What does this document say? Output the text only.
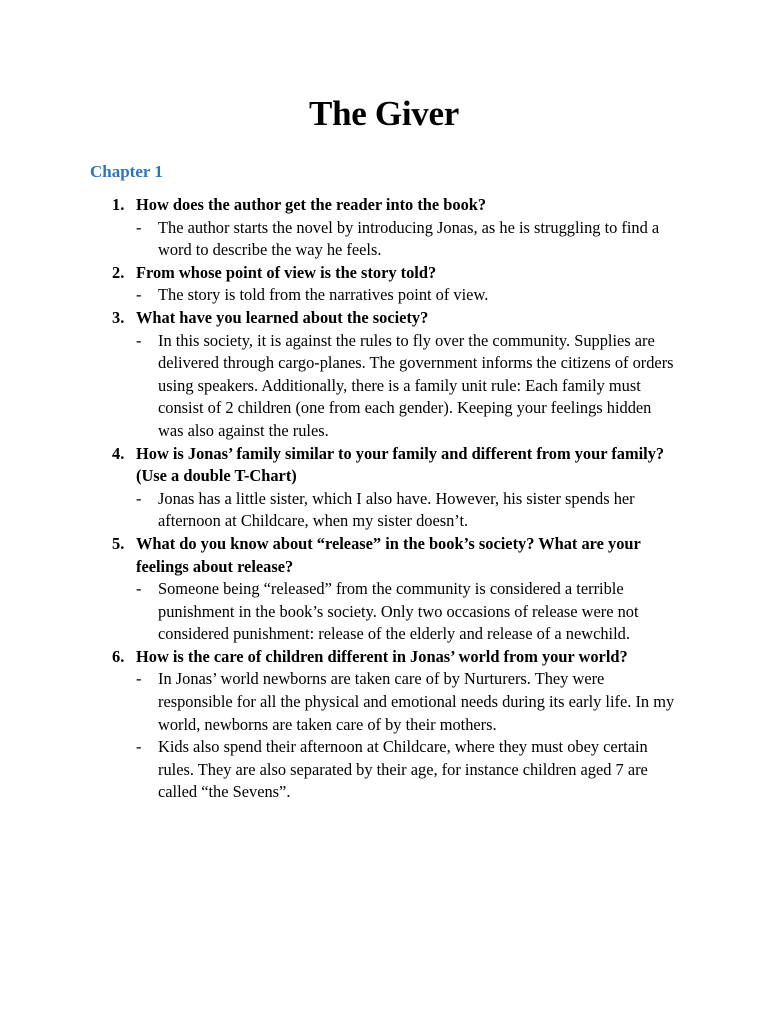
The Giver
Chapter 1
1. How does the author get the reader into the book?
-	The author starts the novel by introducing Jonas, as he is struggling to find a word to describe the way he feels.
2. From whose point of view is the story told?
-	The story is told from the narratives point of view.
3. What have you learned about the society?
-	In this society, it is against the rules to fly over the community. Supplies are delivered through cargo-planes. The government informs the citizens of orders using speakers. Additionally, there is a family unit rule: Each family must consist of 2 children (one from each gender). Keeping your feelings hidden was also against the rules.
4. How is Jonas’ family similar to your family and different from your family? (Use a double T-Chart)
-	Jonas has a little sister, which I also have. However, his sister spends her afternoon at Childcare, when my sister doesn’t.
5. What do you know about “release” in the book’s society? What are your feelings about release?
-	Someone being “released” from the community is considered a terrible punishment in the book’s society. Only two occasions of release were not considered punishment: release of the elderly and release of a newchild.
6. How is the care of children different in Jonas’ world from your world?
-	In Jonas’ world newborns are taken care of by Nurturers. They were responsible for all the physical and emotional needs during its early life. In my world, newborns are taken care of by their mothers.
-	Kids also spend their afternoon at Childcare, where they must obey certain rules. They are also separated by their age, for instance children aged 7 are called “the Sevens”.
